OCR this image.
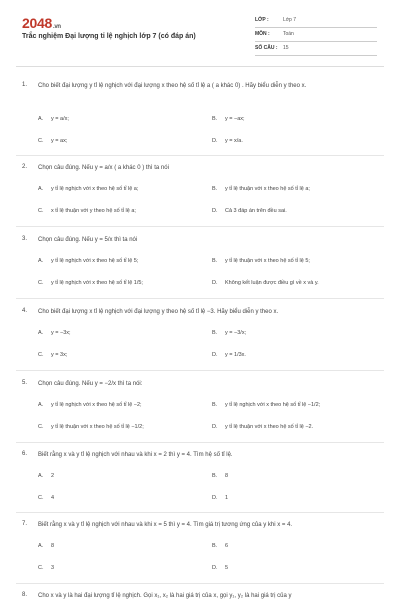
2048.vn
Trắc nghiệm Đại lượng tỉ lệ nghịch lớp 7 (có đáp án)
LỚP :	Lớp 7
MÔN :	Toán
SỐ CÂU : 15
1. Cho biết đại lượng y tỉ lệ nghịch với đại lượng x theo hệ số tỉ lệ a ( a khác 0) . Hãy biểu diễn y theo x.
A. y = a/x;	B. y = −ax;
C. y = ax;	D. y = x/a.
2. Chọn câu đúng. Nếu y = a/x ( a khác 0 ) thì ta nói
A. y tỉ lệ nghịch với x theo hệ số tỉ lệ a;	B. y tỉ lệ thuận với x theo hệ số tỉ lệ a;
C. x tỉ lệ thuận với y theo hệ số tỉ lệ a;	D. Cả 3 đáp án trên đều sai.
3. Chọn câu đúng. Nếu y = 5/x thì ta nói
A. y tỉ lệ nghịch với x theo hệ số tỉ lệ 5;	B. y tỉ lệ thuận với x theo hệ số tỉ lệ 5;
C. y tỉ lệ nghịch với x theo hệ số tỉ lệ 1/5;	D. Không kết luận được điều gì về x và y.
4. Cho biết đại lượng x tỉ lệ nghịch với đại lượng y theo hệ số tỉ lệ −3. Hãy biểu diễn y theo x.
A. y = −3x;	B. y = −3/x;
C. y = 3x;	D. y = 1/3x.
5. Chọn câu đúng. Nếu y = −2/x thì ta nói:
A. y tỉ lệ nghịch với x theo hệ số tỉ lệ −2;	B. y tỉ lệ nghịch với x theo hệ số tỉ lệ −1/2;
C. y tỉ lệ thuận với x theo hệ số tỉ lệ −1/2;	D. y tỉ lệ thuận với x theo hệ số tỉ lệ −2.
6. Biết rằng x và y tỉ lệ nghịch với nhau và khi x = 2 thì y = 4. Tìm hệ số tỉ lệ.
A. 2	B. 8
C. 4	D. 1
7. Biết rằng x và y tỉ lệ nghịch với nhau và khi x = 5 thì y = 4. Tìm giá trị tương ứng của y khi x = 4.
A. 8	B. 6
C. 3	D. 5
8. Cho x và y là hai đại lượng tỉ lệ nghịch. Gọi x₁, x₂ là hai giá trị của x, gọi y₁, y₂ là hai giá trị của y
